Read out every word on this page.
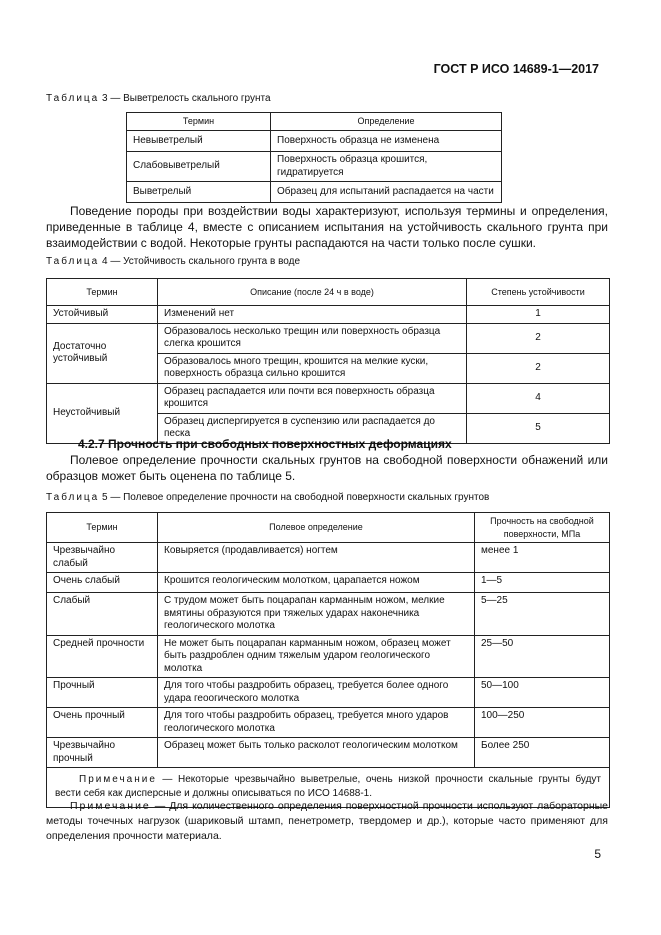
ГОСТ Р ИСО 14689-1—2017
Таблица 3 — Выветрелость скального грунта
Термин	Определение
Невыветрелый	Поверхность образца не изменена
Слабовыветрелый	Поверхность образца крошится, гидратируется
Выветрелый	Образец для испытаний распадается на части

Поведение породы при воздействии воды характеризуют, используя термины и определения, приведенные в таблице 4, вместе с описанием испытания на устойчивость скального грунта при взаимодействии с водой. Некоторые грунты распадаются на части только после сушки.

Таблица 4 — Устойчивость скального грунта в воде
Термин	Описание (после 24 ч в воде)	Степень устойчивости
Устойчивый	Изменений нет	1
Достаточно устойчивый	Образовалось несколько трещин или поверхность образца слегка крошится	2
	Образовалось много трещин, крошится на мелкие куски, поверхность образца сильно крошится	2
Неустойчивый	Образец распадается или почти вся поверхность образца крошится	4
	Образец диспергируется в суспензию или распадается до песка	5
4.2.7 Прочность при свободных поверхностных деформациях

Полевое определение прочности скальных грунтов на свободной поверхности обнажений или образцов может быть оценена по таблице 5.

Таблица 5 — Полевое определение прочности на свободной поверхности скальных грунтов
Термин	Полевое определение	Прочность на свободной поверхности, МПа
Чрезвычайно слабый	Ковыряется (продавливается) ногтем	менее 1
Очень слабый	Крошится геологическим молотком, царапается ножом	1—5
Слабый	С трудом может быть поцарапан карманным ножом, мелкие вмятины образуются при тяжелых ударах наконечника геологического молотка	5—25
Средней прочности	Не может быть поцарапан карманным ножом, образец может быть раздроблен одним тяжелым ударом геологического молотка	25—50
Прочный	Для того чтобы раздробить образец, требуется более одного удара геоогического молотка	50—100
Очень прочный	Для того чтобы раздробить образец, требуется много ударов геологического молотка	100—250
Чрезвычайно прочный	Образец может быть только расколот геологическим молотком	Более 250
Примечание — Некоторые чрезвычайно выветрелые, очень низкой прочности скальные грунты будут вести себя как дисперсные и должны описываться по ИСО 14688-1.		

Примечание — Для количественного определения поверхностной прочности используют лабораторные методы точечных нагрузок (шариковый штамп, пенетрометр, твердомер и др.), которые часто применяют для определения прочности материала.

5
